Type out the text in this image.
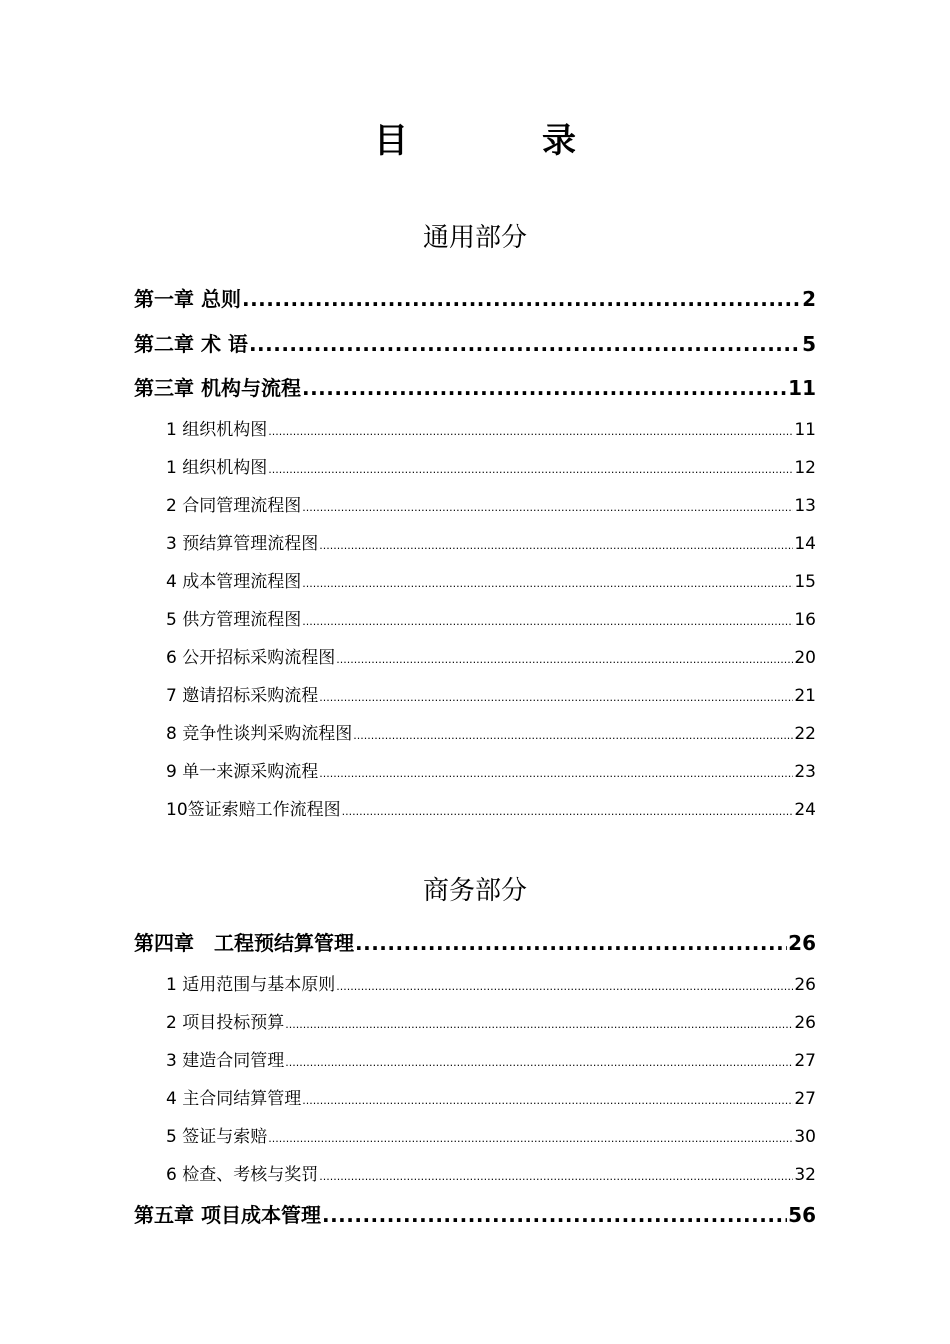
目　录
通用部分
第一章 总则 .....	2
第二章 术 语 .....	5
第三章 机构与流程 .....	11
1 组织机构图 .....	11
1 组织机构图 .....	12
2 合同管理流程图 .....	13
3 预结算管理流程图 .....	14
4 成本管理流程图 .....	15
5 供方管理流程图 .....	16
6 公开招标采购流程图 .....	20
7 邀请招标采购流程 .....	21
8 竞争性谈判采购流程图 .....	22
9 单一来源采购流程 .....	23
10签证索赔工作流程图 .....	24
商务部分
第四章　工程预结算管理 .....	26
1 适用范围与基本原则 .....	26
2 项目投标预算 .....	26
3 建造合同管理 .....	27
4 主合同结算管理 .....	27
5 签证与索赔 .....	30
6 检查、考核与奖罚 .....	32
第五章 项目成本管理 .....	56
